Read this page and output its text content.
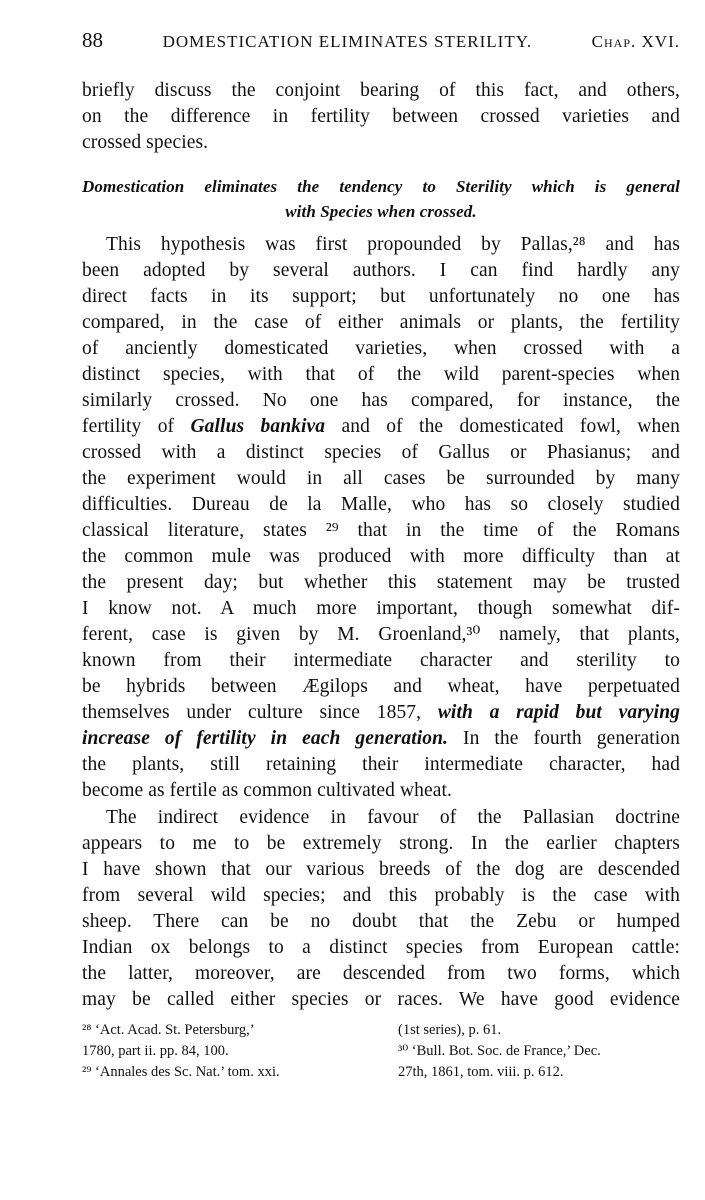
88	DOMESTICATION ELIMINATES STERILITY.	Chap. XVI.
briefly discuss the conjoint bearing of this fact, and others,
on the difference in fertility between crossed varieties and
crossed species.
Domestication eliminates the tendency to Sterility which is general
with Species when crossed.
This hypothesis was first propounded by Pallas,²⁸ and has
been adopted by several authors. I can find hardly any
direct facts in its support; but unfortunately no one has
compared, in the case of either animals or plants, the fertility
of anciently domesticated varieties, when crossed with a
distinct species, with that of the wild parent-species when
similarly crossed. No one has compared, for instance, the
fertility of Gallus bankiva and of the domesticated fowl, when
crossed with a distinct species of Gallus or Phasianus; and
the experiment would in all cases be surrounded by many
difficulties. Dureau de la Malle, who has so closely studied
classical literature, states ²⁹ that in the time of the Romans
the common mule was produced with more difficulty than at
the present day; but whether this statement may be trusted
I know not. A much more important, though somewhat dif-
ferent, case is given by M. Groenland,³⁰ namely, that plants,
known from their intermediate character and sterility to
be hybrids between Ægilops and wheat, have perpetuated
themselves under culture since 1857, with a rapid but varying
increase of fertility in each generation. In the fourth generation
the plants, still retaining their intermediate character, had
become as fertile as common cultivated wheat.
The indirect evidence in favour of the Pallasian doctrine
appears to me to be extremely strong. In the earlier chapters
I have shown that our various breeds of the dog are descended
from several wild species; and this probably is the case with
sheep. There can be no doubt that the Zebu or humped
Indian ox belongs to a distinct species from European cattle:
the latter, moreover, are descended from two forms, which
may be called either species or races. We have good evidence
²⁸ ‘Act. Acad. St. Petersburg,’
1780, part ii. pp. 84, 100.
²⁹ ‘Annales des Sc. Nat.’ tom. xxi.
(1st series), p. 61.
³⁰ ‘Bull. Bot. Soc. de France,’ Dec.
27th, 1861, tom. viii. p. 612.
